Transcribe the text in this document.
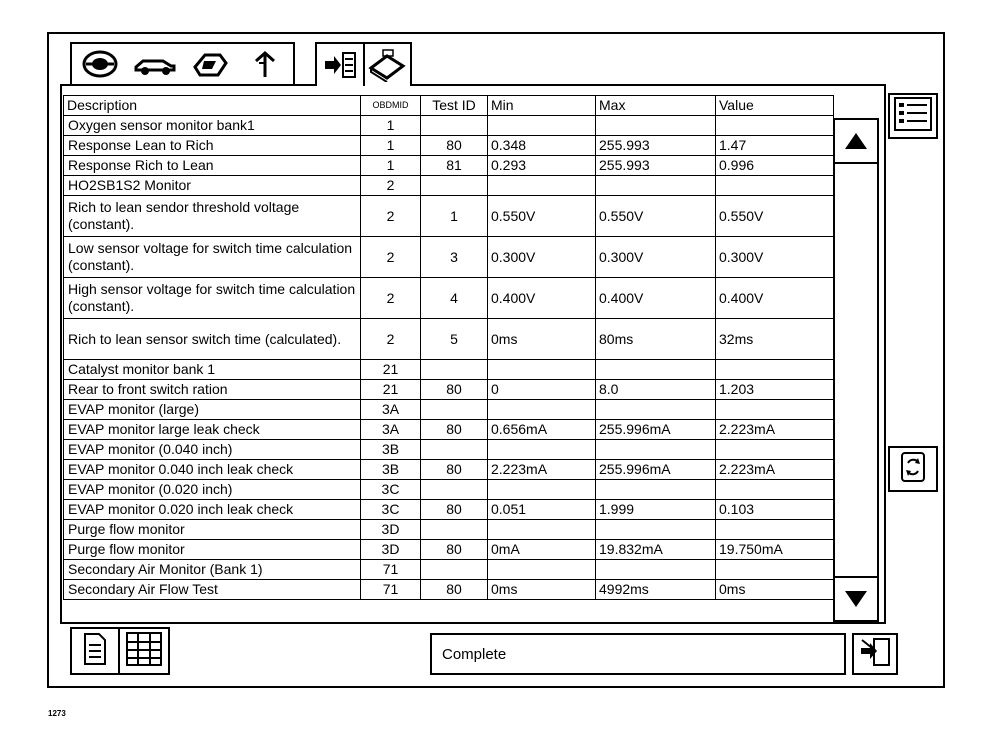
Description	OBDMID	Test ID	Min	Max	Value
Oxygen sensor monitor bank1	1				
Response Lean to Rich	1	80	0.348	255.993	1.47
Response Rich to Lean	1	81	0.293	255.993	0.996
HO2SB1S2 Monitor	2				
Rich to lean sendor threshold voltage (constant).	2	1	0.550V	0.550V	0.550V
Low sensor voltage for switch time calculation (constant).	2	3	0.300V	0.300V	0.300V
High sensor voltage for switch time calculation (constant).	2	4	0.400V	0.400V	0.400V
Rich to lean sensor switch time (calculated).	2	5	0ms	80ms	32ms
Catalyst monitor bank 1	21				
Rear to front switch ration	21	80	0	8.0	1.203
EVAP monitor (large)	3A				
EVAP monitor large leak check	3A	80	0.656mA	255.996mA	2.223mA
EVAP monitor (0.040 inch)	3B				
EVAP monitor 0.040 inch leak check	3B	80	2.223mA	255.996mA	2.223mA
EVAP monitor (0.020 inch)	3C				
EVAP monitor 0.020 inch leak check	3C	80	0.051	1.999	0.103
Purge flow monitor	3D				
Purge flow monitor	3D	80	0mA	19.832mA	19.750mA
Secondary Air Monitor (Bank 1)	71				
Secondary Air Flow Test	71	80	0ms	4992ms	0ms
Complete
1273
